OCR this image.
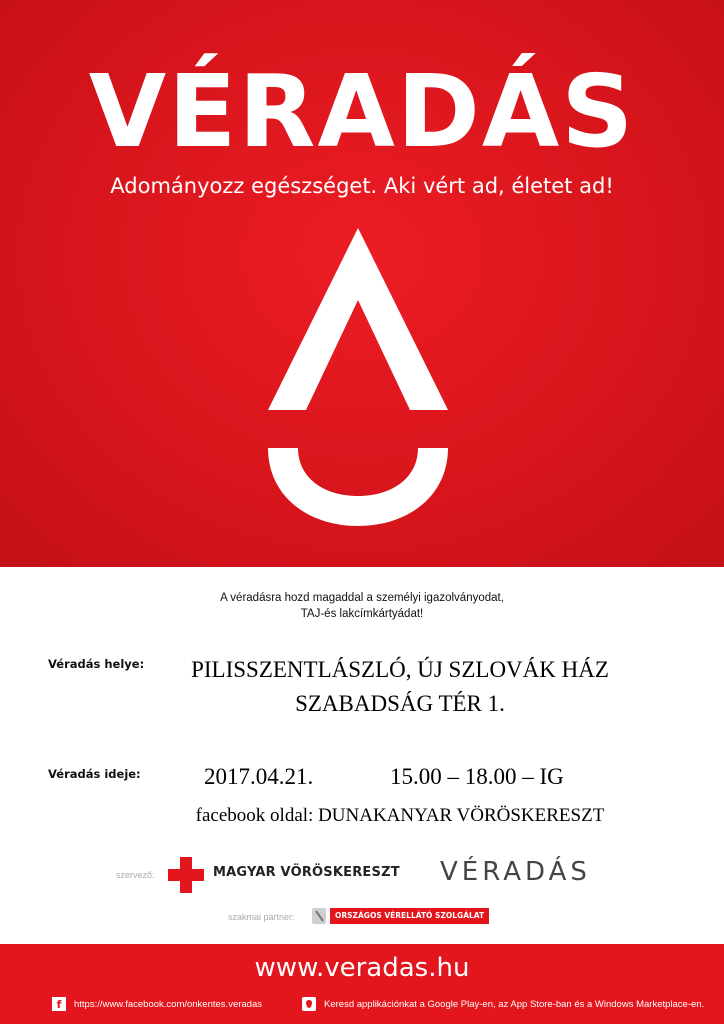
VÉRADÁS
Adományozz egészséget. Aki vért ad, életet ad!
A véradásra hozd magaddal a személyi igazolványodat,
TAJ-és lakcímkártyádat!
Véradás helye:	PILISSZENTLÁSZLÓ, ÚJ SZLOVÁK HÁZ
SZABADSÁG TÉR 1.
Véradás ideje:	2017.04.21.	15.00 – 18.00 – IG
facebook oldal: DUNAKANYAR VÖRÖSKERESZT
szervező:	MAGYAR VÖRÖSKERESZT VÉRADÁS
szakmai partner:	ORSZÁGOS VÉRELLÁTÓ SZOLGÁLAT
www.veradas.hu
f https://www.facebook.com/onkentes.veradas	Keresd applikációnkat a Google Play-en, az App Store-ban és a Windows Marketplace-en.
